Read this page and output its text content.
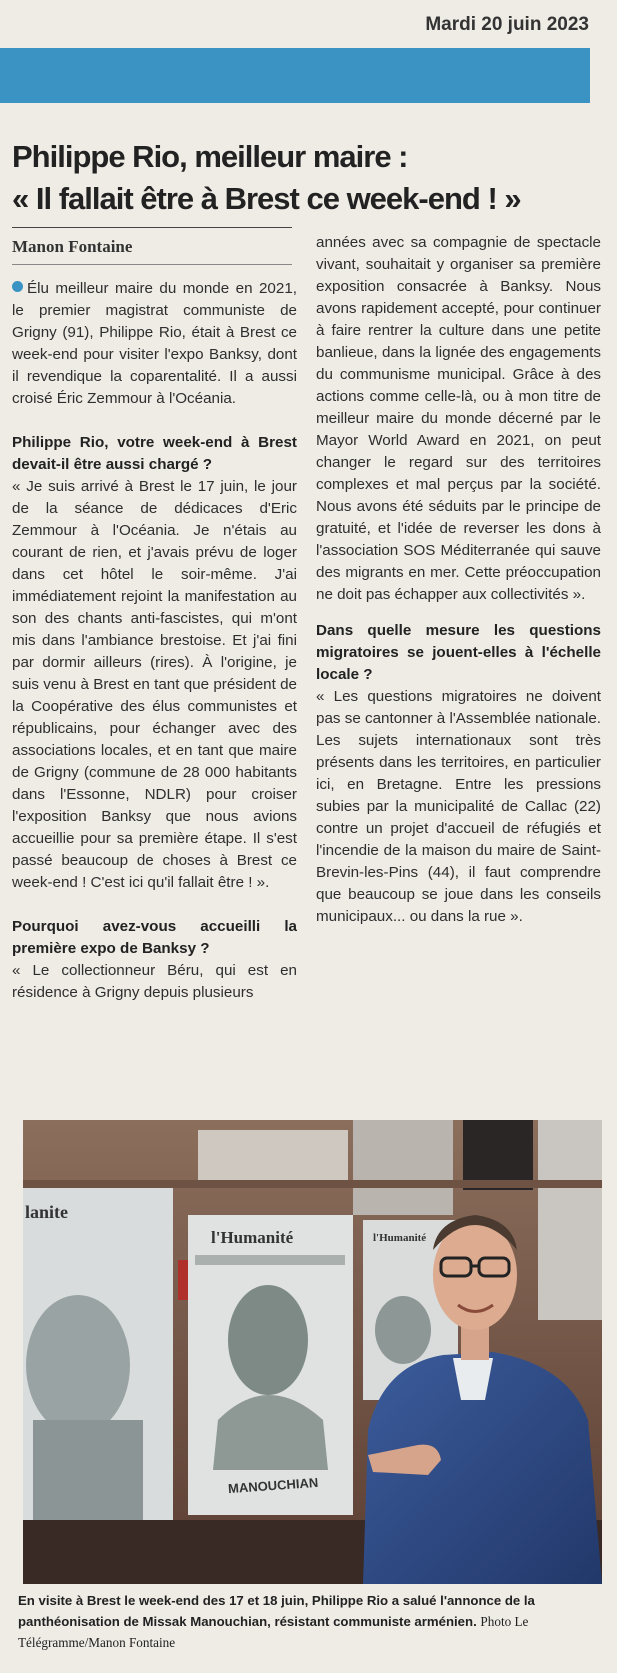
Mardi 20 juin 2023
Philippe Rio, meilleur maire :
« Il fallait être à Brest ce week-end ! »
Manon Fontaine

Élu meilleur maire du monde en 2021, le premier magistrat communiste de Grigny (91), Philippe Rio, était à Brest ce week-end pour visiter l'expo Banksy, dont il revendique la coparentalité. Il a aussi croisé Éric Zemmour à l'Océania.

Philippe Rio, votre week-end à Brest devait-il être aussi chargé ?

« Je suis arrivé à Brest le 17 juin, le jour de la séance de dédicaces d'Eric Zemmour à l'Océania. Je n'étais au courant de rien, et j'avais prévu de loger dans cet hôtel le soir-même. J'ai immédiatement rejoint la manifestation au son des chants anti-fascistes, qui m'ont mis dans l'ambiance brestoise. Et j'ai fini par dormir ailleurs (rires). À l'origine, je suis venu à Brest en tant que président de la Coopérative des élus communistes et républicains, pour échanger avec des associations locales, et en tant que maire de Grigny (commune de 28 000 habitants dans l'Essonne, NDLR) pour croiser l'exposition Banksy que nous avions accueillie pour sa première étape. Il s'est passé beaucoup de choses à Brest ce week-end ! C'est ici qu'il fallait être ! ».

Pourquoi avez-vous accueilli la première expo de Banksy ?

« Le collectionneur Béru, qui est en résidence à Grigny depuis plusieurs

années avec sa compagnie de spectacle vivant, souhaitait y organiser sa première exposition consacrée à Banksy. Nous avons rapidement accepté, pour continuer à faire rentrer la culture dans une petite banlieue, dans la lignée des engagements du communisme municipal. Grâce à des actions comme celle-là, ou à mon titre de meilleur maire du monde décerné par le Mayor World Award en 2021, on peut changer le regard sur des territoires complexes et mal perçus par la société. Nous avons été séduits par le principe de gratuité, et l'idée de reverser les dons à l'association SOS Méditerranée qui sauve des migrants en mer. Cette préoccupation ne doit pas échapper aux collectivités ».

Dans quelle mesure les questions migratoires se jouent-elles à l'échelle locale ?

« Les questions migratoires ne doivent pas se cantonner à l'Assemblée nationale. Les sujets internationaux sont très présents dans les territoires, en particulier ici, en Bretagne. Entre les pressions subies par la municipalité de Callac (22) contre un projet d'accueil de réfugiés et l'incendie de la maison du maire de Saint-Brevin-les-Pins (44), il faut comprendre que beaucoup se joue dans les conseils municipaux... ou dans la rue ».

lanite
l'Humanité	l'Humanité
MANOUCHIAN
En visite à Brest le week-end des 17 et 18 juin, Philippe Rio a salué l'annonce de la panthéonisation de Missak Manouchian, résistant communiste arménien. Photo Le Télégramme/Manon Fontaine
